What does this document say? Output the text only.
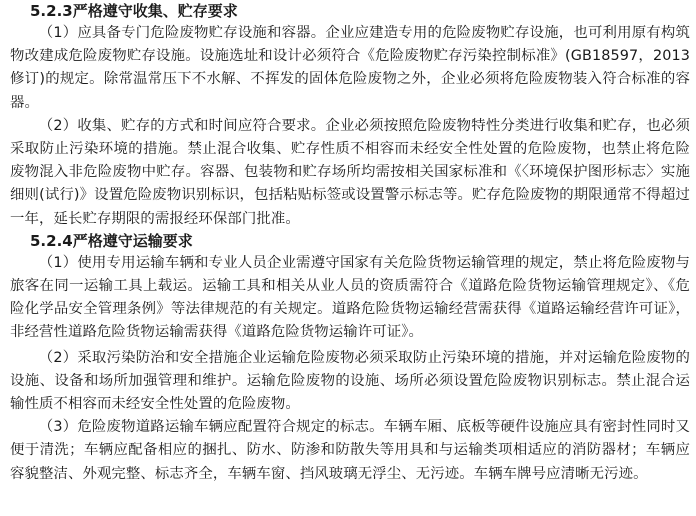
5.2.3严格遵守收集、贮存要求

（1）应具备专门危险废物贮存设施和容器。企业应建造专用的危险废物贮存设施，也可利用原有构筑物改建成危险废物贮存设施。设施选址和设计必须符合《危险废物贮存污染控制标准》(GB18597，2013修订)的规定。除常温常压下不水解、不挥发的固体危险废物之外，企业必须将危险废物装入符合标准的容器。

（2）收集、贮存的方式和时间应符合要求。企业必须按照危险废物特性分类进行收集和贮存，也必须采取防止污染环境的措施。禁止混合收集、贮存性质不相容而未经安全性处置的危险废物，也禁止将危险废物混入非危险废物中贮存。容器、包装物和贮存场所均需按相关国家标准和《〈环境保护图形标志〉实施细则(试行)》设置危险废物识别标识，包括粘贴标签或设置警示标志等。贮存危险废物的期限通常不得超过一年，延长贮存期限的需报经环保部门批准。

5.2.4严格遵守运输要求

（1）使用专用运输车辆和专业人员企业需遵守国家有关危险货物运输管理的规定，禁止将危险废物与旅客在同一运输工具上载运。运输工具和相关从业人员的资质需符合《道路危险货物运输管理规定》、《危险化学品安全管理条例》等法律规范的有关规定。道路危险货物运输经营需获得《道路运输经营许可证》，非经营性道路危险货物运输需获得《道路危险货物运输许可证》。

（2）采取污染防治和安全措施企业运输危险废物必须采取防止污染环境的措施，并对运输危险废物的设施、设备和场所加强管理和维护。运输危险废物的设施、场所必须设置危险废物识别标志。禁止混合运输性质不相容而未经安全性处置的危险废物。

（3）危险废物道路运输车辆应配置符合规定的标志。车辆车厢、底板等硬件设施应具有密封性同时又便于清洗；车辆应配备相应的捆扎、防水、防渗和防散失等用具和与运输类项相适应的消防器材；车辆应容貌整洁、外观完整、标志齐全，车辆车窗、挡风玻璃无浮尘、无污迹。车辆车牌号应清晰无污迹。
